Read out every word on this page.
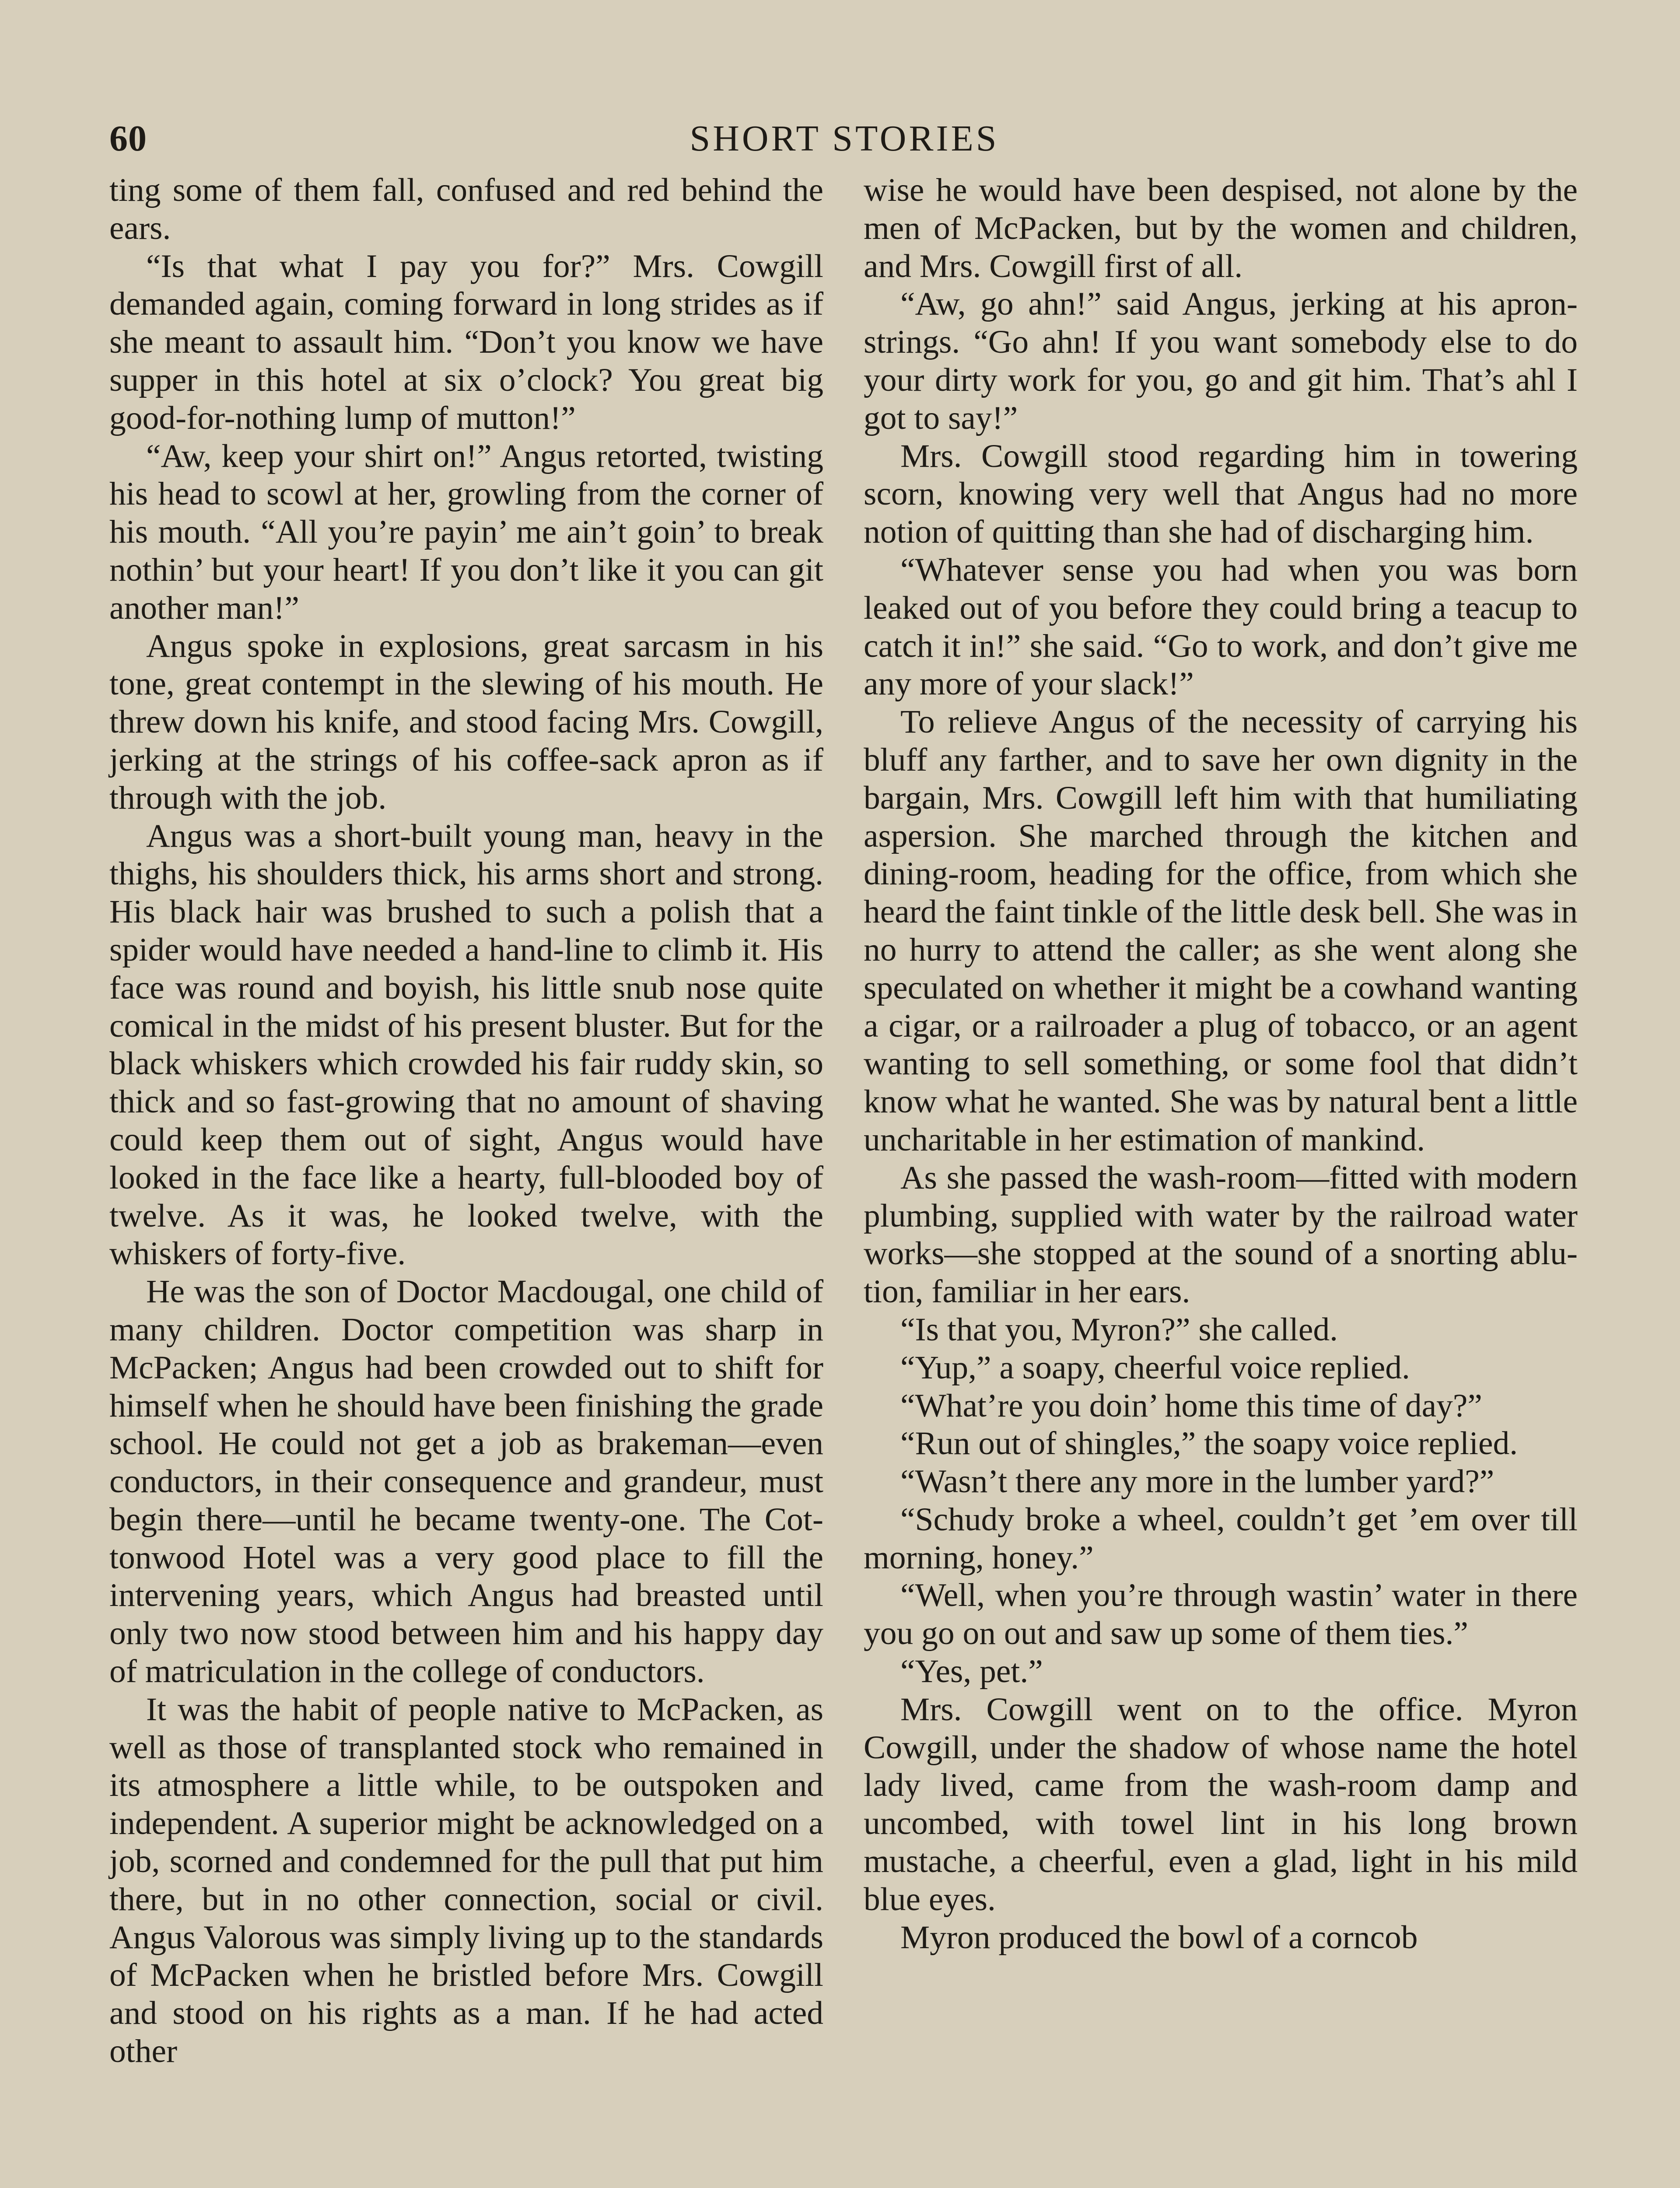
60	SHORT STORIES

ting some of them fall, confused and red behind the ears.

“Is that what I pay you for?” Mrs. Cowgill demanded again, coming forward in long strides as if she meant to assault him. “Don’t you know we have supper in this hotel at six o’clock? You great big good-for-nothing lump of mutton!”

“Aw, keep your shirt on!” Angus retorted, twisting his head to scowl at her, growling from the corner of his mouth. “All you’re payin’ me ain’t goin’ to break nothin’ but your heart! If you don’t like it you can git another man!”

Angus spoke in explosions, great sarcasm in his tone, great contempt in the slewing of his mouth. He threw down his knife, and stood facing Mrs. Cowgill, jerking at the strings of his coffee-sack apron as if through with the job.

Angus was a short-built young man, heavy in the thighs, his shoulders thick, his arms short and strong. His black hair was brushed to such a polish that a spider would have needed a hand-line to climb it. His face was round and boyish, his little snub nose quite comical in the midst of his present bluster. But for the black whiskers which crowded his fair ruddy skin, so thick and so fast-growing that no amount of shaving could keep them out of sight, Angus would have looked in the face like a hearty, full-blooded boy of twelve. As it was, he looked twelve, with the whiskers of forty-five.

He was the son of Doctor Macdougal, one child of many children. Doctor competition was sharp in McPacken; Angus had been crowded out to shift for himself when he should have been finishing the grade school. He could not get a job as brakeman—even conductors, in their consequence and grandeur, must begin there—until he became twenty-one. The Cottonwood Hotel was a very good place to fill the intervening years, which Angus had breasted until only two now stood between him and his happy day of matriculation in the college of conductors.

It was the habit of people native to McPacken, as well as those of transplanted stock who remained in its atmosphere a little while, to be outspoken and independent. A superior might be acknowledged on a job, scorned and condemned for the pull that put him there, but in no other connection, social or civil. Angus Valorous was simply living up to the standards of McPacken when he bristled before Mrs. Cowgill and stood on his rights as a man. If he had acted other

wise he would have been despised, not alone by the men of McPacken, but by the women and children, and Mrs. Cowgill first of all.

“Aw, go ahn!” said Angus, jerking at his apron-strings. “Go ahn! If you want somebody else to do your dirty work for you, go and git him. That’s ahl I got to say!”

Mrs. Cowgill stood regarding him in towering scorn, knowing very well that Angus had no more notion of quitting than she had of discharging him.

“Whatever sense you had when you was born leaked out of you before they could bring a teacup to catch it in!” she said. “Go to work, and don’t give me any more of your slack!”

To relieve Angus of the necessity of carrying his bluff any farther, and to save her own dignity in the bargain, Mrs. Cowgill left him with that humiliating aspersion. She marched through the kitchen and dining-room, heading for the office, from which she heard the faint tinkle of the little desk bell. She was in no hurry to attend the caller; as she went along she speculated on whether it might be a cowhand wanting a cigar, or a railroader a plug of tobacco, or an agent wanting to sell something, or some fool that didn’t know what he wanted. She was by natural bent a little uncharitable in her estimation of mankind.

As she passed the wash-room—fitted with modern plumbing, supplied with water by the railroad water works—she stopped at the sound of a snorting ablution, familiar in her ears.

“Is that you, Myron?” she called.

“Yup,” a soapy, cheerful voice replied.

“What’re you doin’ home this time of day?”

“Run out of shingles,” the soapy voice replied.

“Wasn’t there any more in the lumber yard?”

“Schudy broke a wheel, couldn’t get ’em over till morning, honey.”

“Well, when you’re through wastin’ water in there you go on out and saw up some of them ties.”

“Yes, pet.”

Mrs. Cowgill went on to the office. Myron Cowgill, under the shadow of whose name the hotel lady lived, came from the wash-room damp and uncombed, with towel lint in his long brown mustache, a cheerful, even a glad, light in his mild blue eyes.

Myron produced the bowl of a corncob
